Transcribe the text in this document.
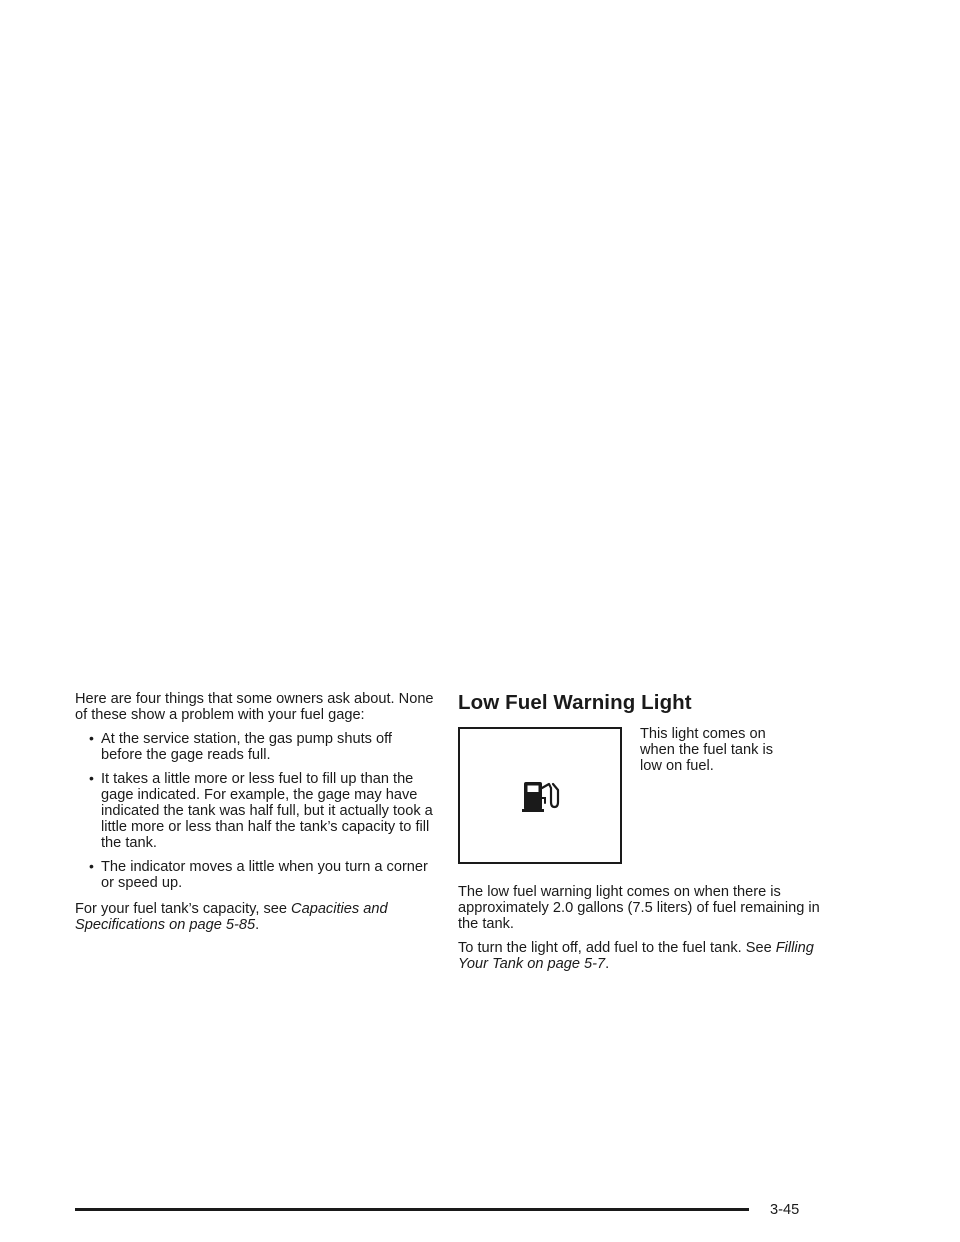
Here are four things that some owners ask about. None of these show a problem with your fuel gage:

• At the service station, the gas pump shuts off before the gage reads full.
• It takes a little more or less fuel to fill up than the gage indicated. For example, the gage may have indicated the tank was half full, but it actually took a little more or less than half the tank’s capacity to fill the tank.
• The indicator moves a little when you turn a corner or speed up.

For your fuel tank’s capacity, see Capacities and Specifications on page 5-85.

Low Fuel Warning Light

This light comes on when the fuel tank is low on fuel.

The low fuel warning light comes on when there is approximately 2.0 gallons (7.5 liters) of fuel remaining in the tank.

To turn the light off, add fuel to the fuel tank. See Filling Your Tank on page 5-7.

3-45
